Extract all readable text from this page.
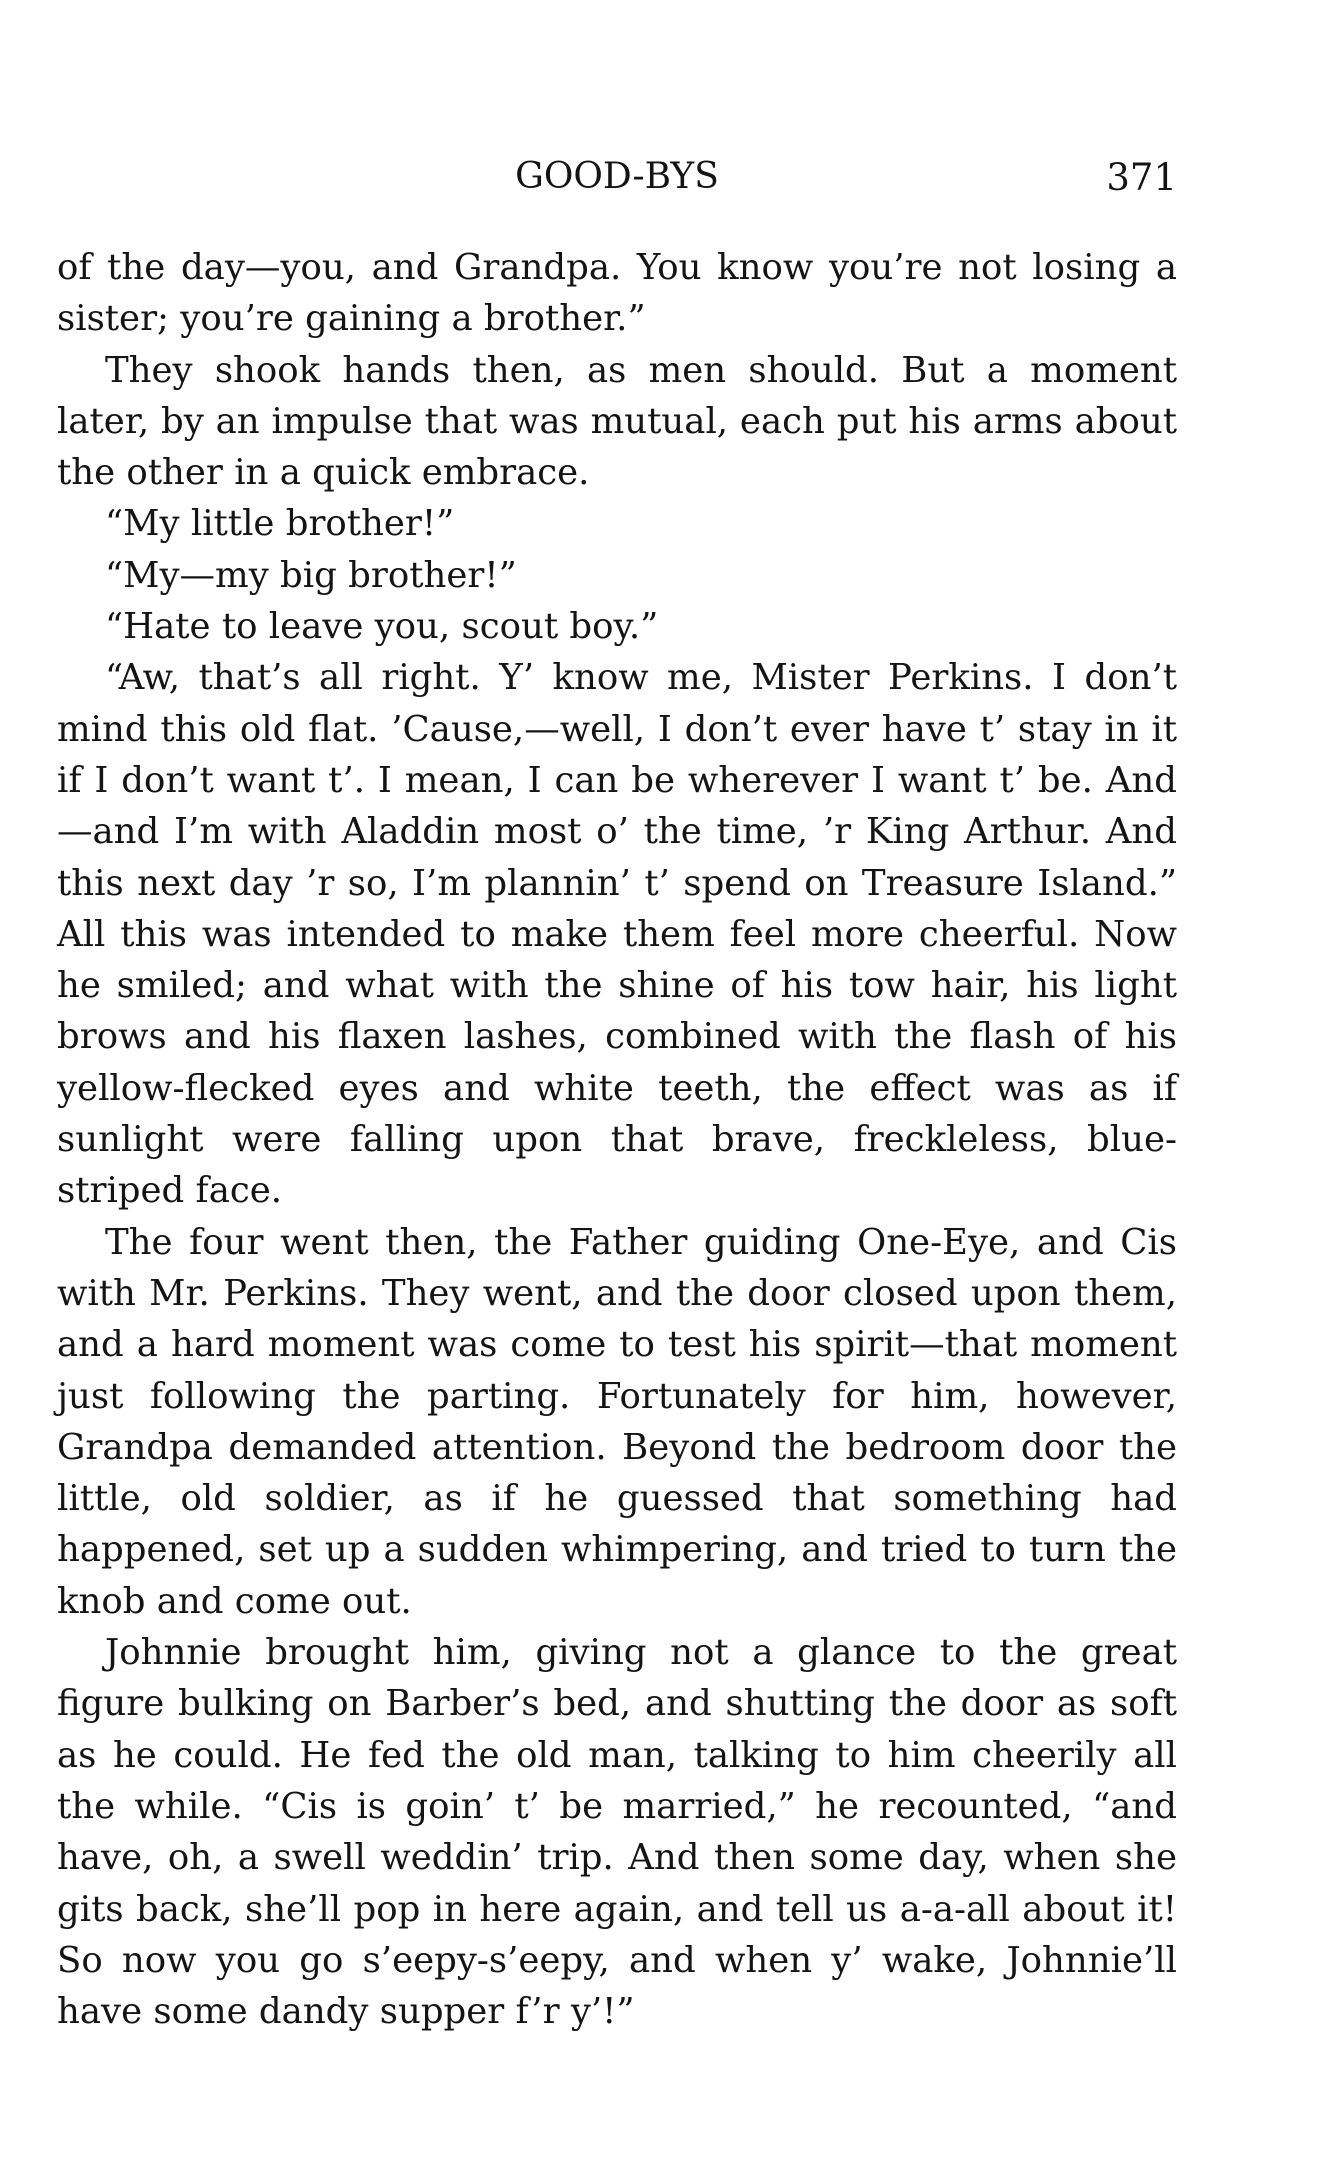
GOOD-BYS	371

of the day—you, and Grandpa. You know you’re not losing a sister; you’re gaining a brother.”

They shook hands then, as men should. But a moment later, by an impulse that was mutual, each put his arms about the other in a quick embrace.

“My little brother!”

“My—my big brother!”

“Hate to leave you, scout boy.”

“Aw, that’s all right. Y’ know me, Mister Perkins. I don’t mind this old flat. ’Cause,—well, I don’t ever have t’ stay in it if I don’t want t’. I mean, I can be wherever I want t’ be. And—and I’m with Aladdin most o’ the time, ’r King Arthur. And this next day ’r so, I’m plannin’ t’ spend on Treasure Island.” All this was intended to make them feel more cheerful. Now he smiled; and what with the shine of his tow hair, his light brows and his flaxen lashes, combined with the flash of his yellow-flecked eyes and white teeth, the effect was as if sunlight were falling upon that brave, freckleless, blue-striped face.

The four went then, the Father guiding One-Eye, and Cis with Mr. Perkins. They went, and the door closed upon them, and a hard moment was come to test his spirit—that moment just following the parting. Fortunately for him, however, Grandpa demanded attention. Beyond the bedroom door the little, old soldier, as if he guessed that something had happened, set up a sudden whimpering, and tried to turn the knob and come out.

Johnnie brought him, giving not a glance to the great figure bulking on Barber’s bed, and shutting the door as soft as he could. He fed the old man, talking to him cheerily all the while. “Cis is goin’ t’ be married,” he recounted, “and have, oh, a swell weddin’ trip. And then some day, when she gits back, she’ll pop in here again, and tell us a-a-all about it! So now you go s’eepy-s’eepy, and when y’ wake, Johnnie’ll have some dandy supper f’r y’!”
